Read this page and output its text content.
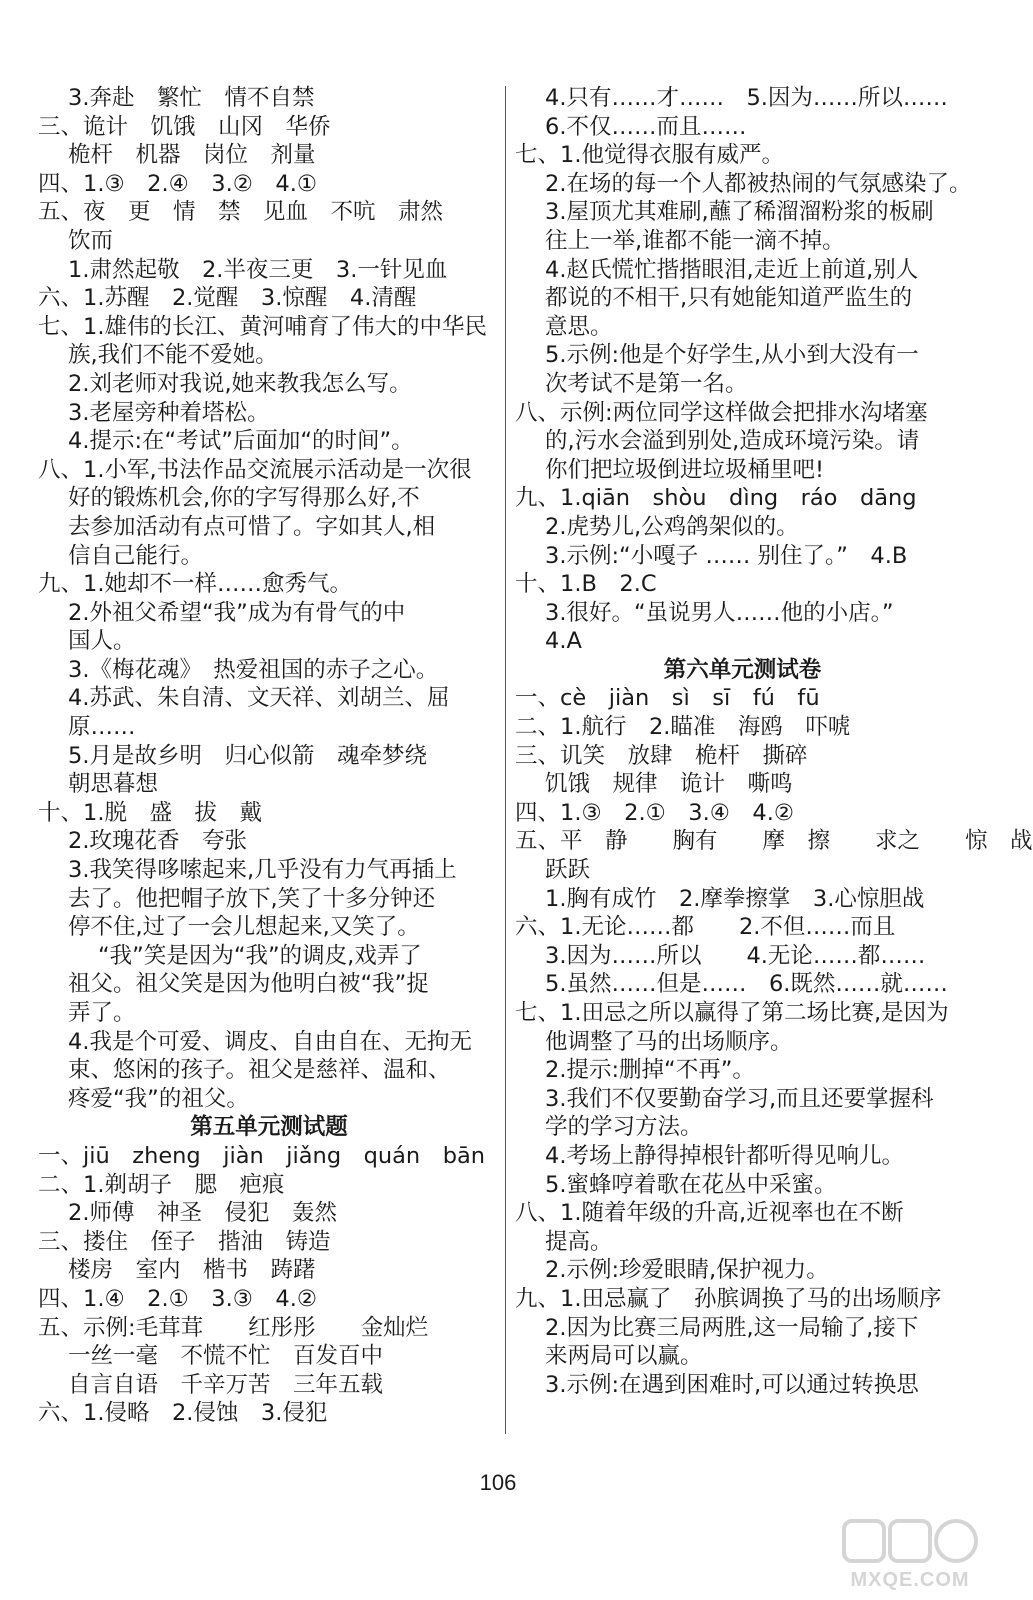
3.奔赴　繁忙　情不自禁
三、诡计　饥饿　山冈　华侨
桅杆　机器　岗位　剂量
四、1.③　2.④　3.②　4.①
五、夜　更　情　禁　见血　不吭　肃然
饮而
1.肃然起敬　2.半夜三更　3.一针见血
六、1.苏醒　2.觉醒　3.惊醒　4.清醒
七、1.雄伟的长江、黄河哺育了伟大的中华民
族,我们不能不爱她。
2.刘老师对我说,她来教我怎么写。
3.老屋旁种着塔松。
4.提示:在“考试”后面加“的时间”。
八、1.小军,书法作品交流展示活动是一次很
好的锻炼机会,你的字写得那么好,不
去参加活动有点可惜了。字如其人,相
信自己能行。
九、1.她却不一样……愈秀气。
2.外祖父希望“我”成为有骨气的中
国人。
3.《梅花魂》　热爱祖国的赤子之心。
4.苏武、朱自清、文天祥、刘胡兰、屈
原……
5.月是故乡明　归心似箭　魂牵梦绕
朝思暮想
十、1.脱　盛　拔　戴
2.玫瑰花香　夸张
3.我笑得哆嗦起来,几乎没有力气再插上
去了。他把帽子放下,笑了十多分钟还
停不住,过了一会儿想起来,又笑了。
“我”笑是因为“我”的调皮,戏弄了
祖父。祖父笑是因为他明白被“我”捉
弄了。
4.我是个可爱、调皮、自由自在、无拘无
束、悠闲的孩子。祖父是慈祥、温和、
疼爱“我”的祖父。
第五单元测试题
一、jiū　zheng　jiàn　jiǎng　quán　bān
二、1.剃胡子　腮　疤痕
2.师傅　神圣　侵犯　轰然
三、搂住　侄子　揩油　铸造
楼房　室内　楷书　踌躇
四、1.④　2.①　3.③　4.②
五、示例:毛茸茸　　红彤彤　　金灿烂
一丝一毫　不慌不忙　百发百中
自言自语　千辛万苦　三年五载
六、1.侵略　2.侵蚀　3.侵犯
4.只有……才……　5.因为……所以……
6.不仅……而且……
七、1.他觉得衣服有威严。
2.在场的每一个人都被热闹的气氛感染了。
3.屋顶尤其难刷,蘸了稀溜溜粉浆的板刷
往上一举,谁都不能一滴不掉。
4.赵氏慌忙揩揩眼泪,走近上前道,别人
都说的不相干,只有她能知道严监生的
意思。
5.示例:他是个好学生,从小到大没有一
次考试不是第一名。
八、示例:两位同学这样做会把排水沟堵塞
的,污水会溢到别处,造成环境污染。请
你们把垃圾倒进垃圾桶里吧!
九、1.qiān　shòu　dìng　ráo　dāng
2.虎势儿,公鸡鸽架似的。
3.示例:“小嘎子 …… 别住了。”　4.B
十、1.B　2.C
3.很好。“虽说男人……他的小店。”
4.A
第六单元测试卷
一、cè　jiàn　sì　sī　fú　fū
二、1.航行　2.瞄准　海鸥　吓唬
三、讥笑　放肆　桅杆　撕碎
饥饿　规律　诡计　嘶鸣
四、1.③　2.①　3.④　4.②
五、平　静　　胸有　　摩　擦　　求之　　惊　战
跃跃
1.胸有成竹　2.摩拳擦掌　3.心惊胆战
六、1.无论……都　　2.不但……而且
3.因为……所以　　4.无论……都……
5.虽然……但是……　6.既然……就……
七、1.田忌之所以赢得了第二场比赛,是因为
他调整了马的出场顺序。
2.提示:删掉“不再”。
3.我们不仅要勤奋学习,而且还要掌握科
学的学习方法。
4.考场上静得掉根针都听得见响儿。
5.蜜蜂哼着歌在花丛中采蜜。
八、1.随着年级的升高,近视率也在不断
提高。
2.示例:珍爱眼睛,保护视力。
九、1.田忌赢了　孙膑调换了马的出场顺序
2.因为比赛三局两胜,这一局输了,接下
来两局可以赢。
3.示例:在遇到困难时,可以通过转换思
106
MXQE.COM
